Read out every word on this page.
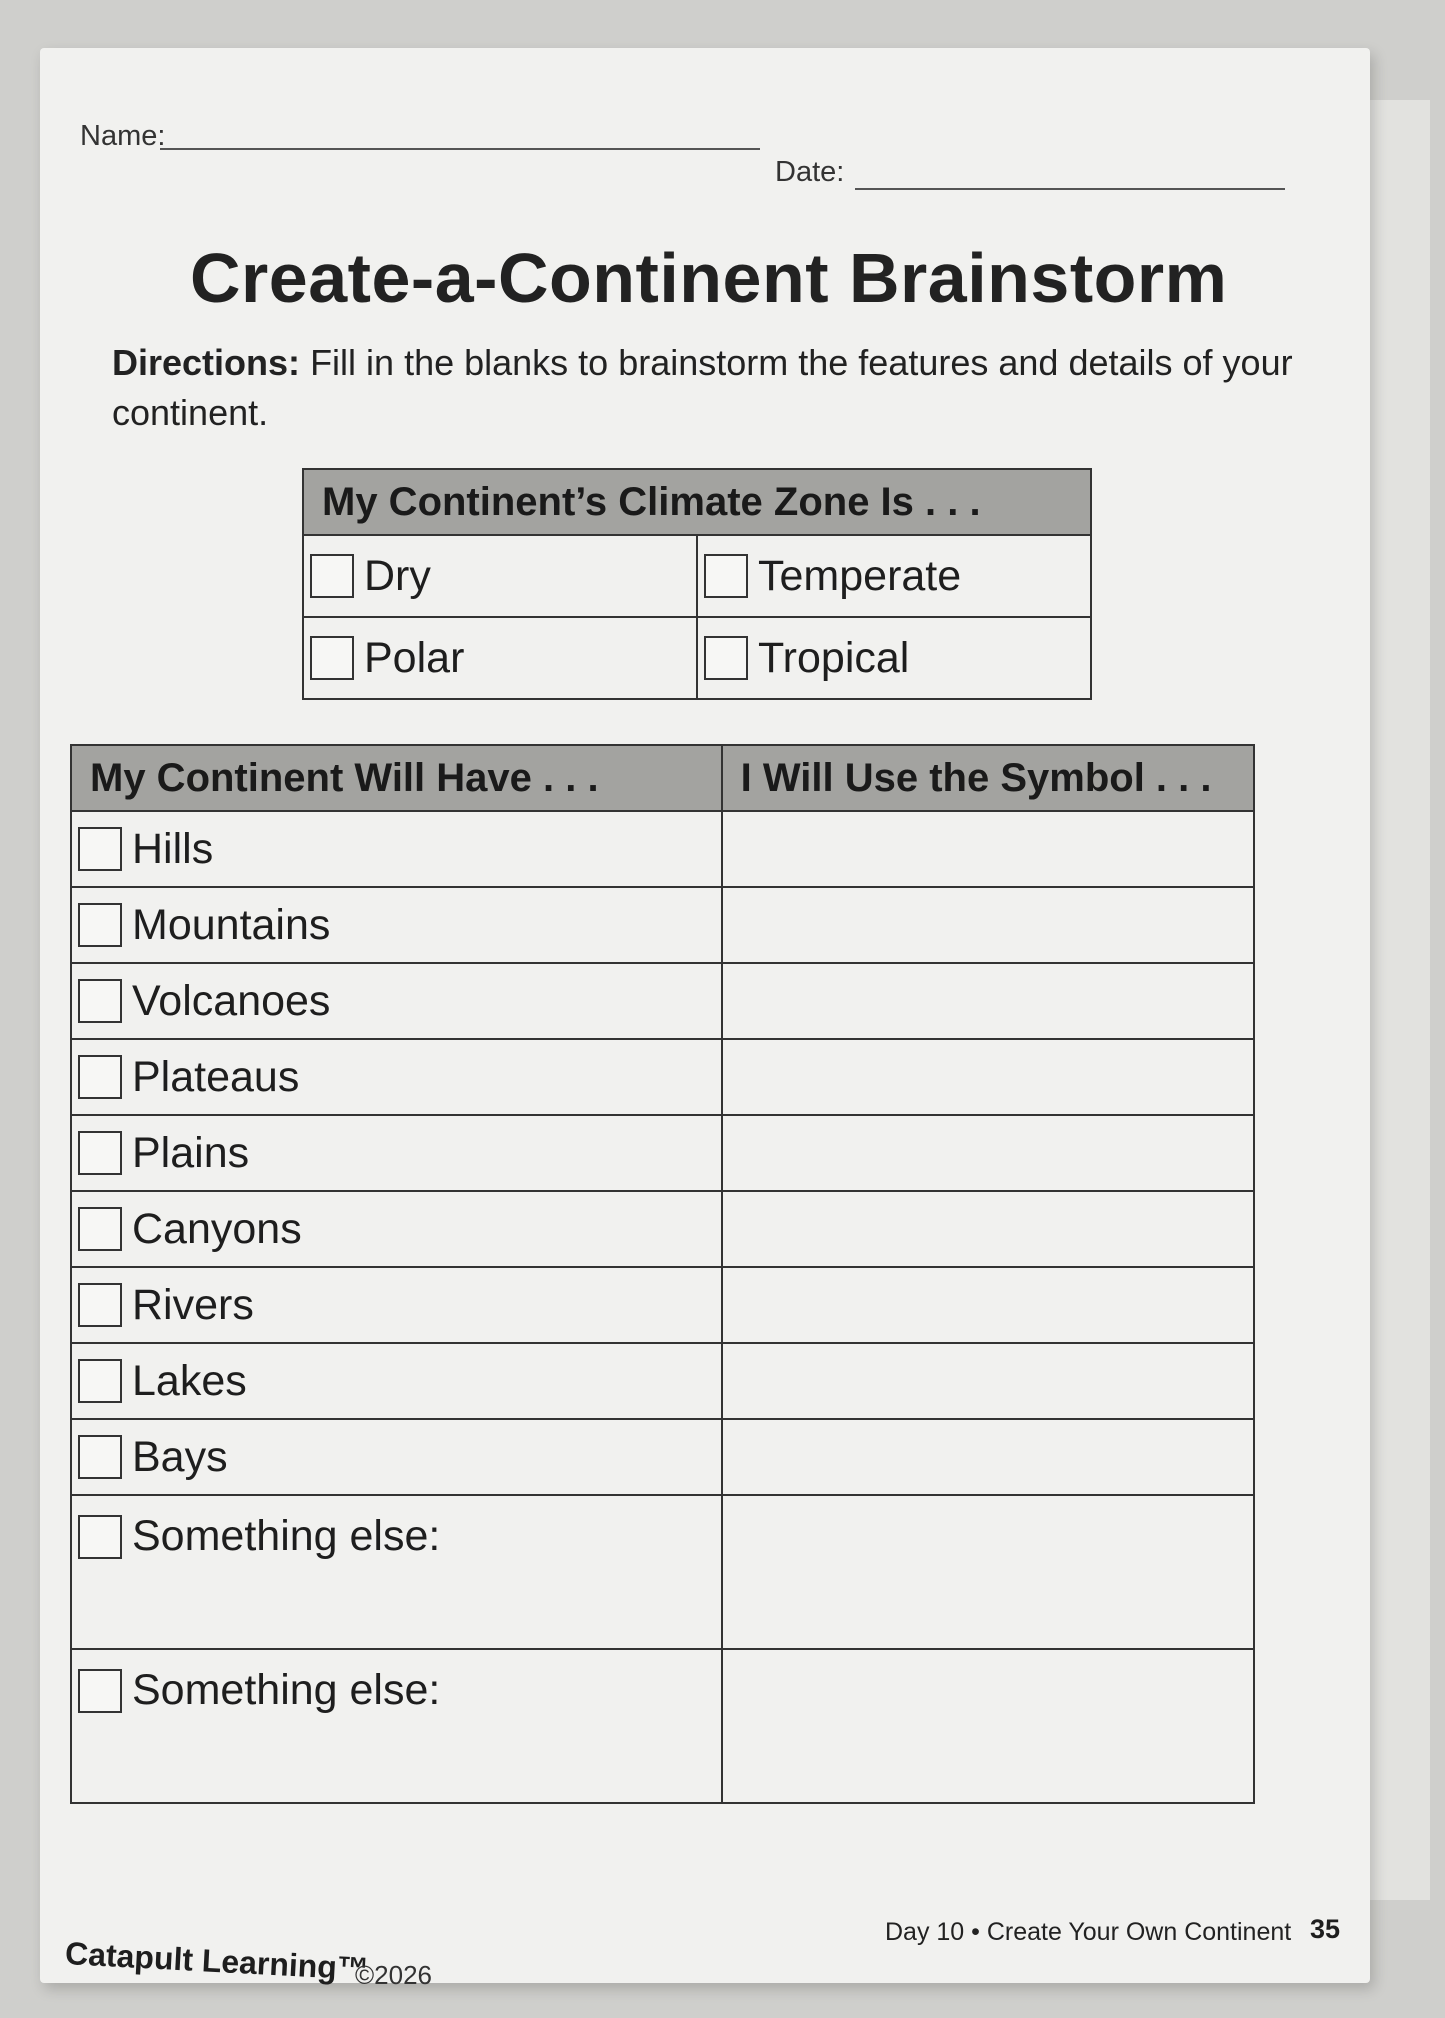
Name:
Date:
Create-a-Continent Brainstorm
Directions: Fill in the blanks to brainstorm the features and details of your continent.
My Continent’s Climate Zone Is . . .	

Dry	Temperate

Polar	Tropical
My Continent Will Have . . .	I Will Use the Symbol . . .

Hills	

Mountains	

Volcanoes	

Plateaus	

Plains	

Canyons	

Rivers	

Lakes	

Bays	

Something else:	

Something else:	

Day 10 • Create Your Own Continent 35
Catapult Learning™
©2026
